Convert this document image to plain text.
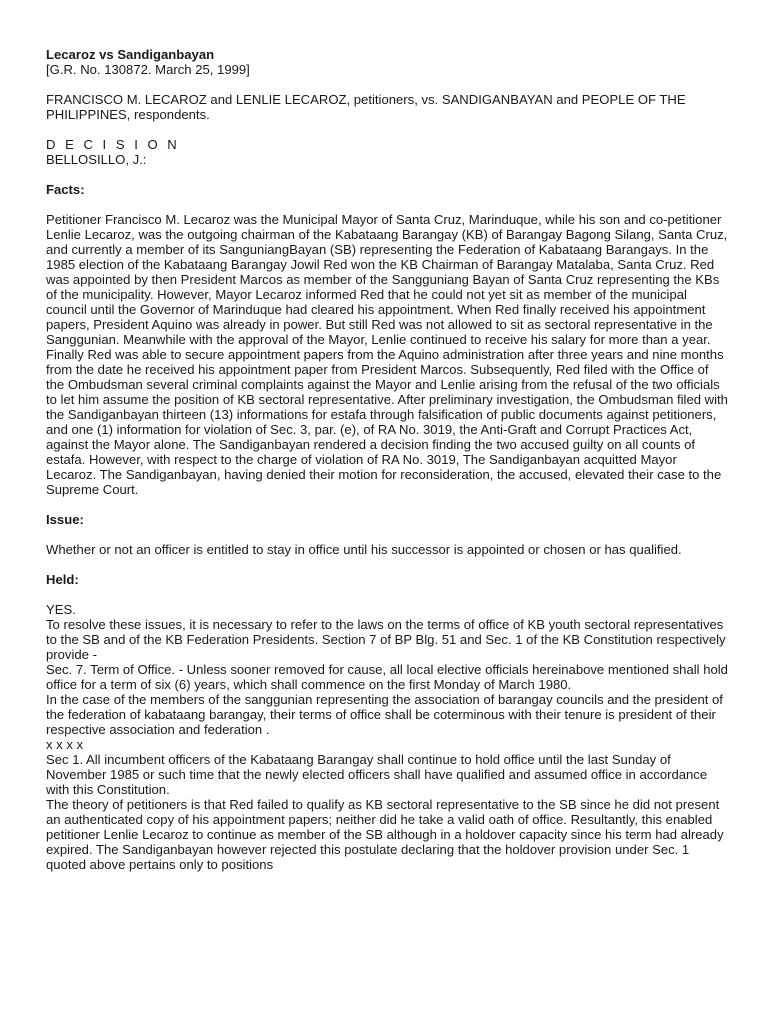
Lecaroz vs Sandiganbayan

[G.R. No. 130872. March 25, 1999]

FRANCISCO M. LECAROZ and LENLIE LECAROZ, petitioners, vs. SANDIGANBAYAN and PEOPLE OF THE PHILIPPINES, respondents.

D E C I S I O N

BELLOSILLO, J.:

Facts:

Petitioner Francisco M. Lecaroz was the Municipal Mayor of Santa Cruz, Marinduque, while his son and co-petitioner Lenlie Lecaroz, was the outgoing chairman of the Kabataang Barangay (KB) of Barangay Bagong Silang, Santa Cruz, and currently a member of its SanguniangBayan (SB) representing the Federation of Kabataang Barangays. In the 1985 election of the Kabataang Barangay Jowil Red won the KB Chairman of Barangay Matalaba, Santa Cruz. Red was appointed by then President Marcos as member of the Sangguniang Bayan of Santa Cruz representing the KBs of the municipality. However, Mayor Lecaroz informed Red that he could not yet sit as member of the municipal council until the Governor of Marinduque had cleared his appointment. When Red finally received his appointment papers, President Aquino was already in power. But still Red was not allowed to sit as sectoral representative in the Sanggunian. Meanwhile with the approval of the Mayor, Lenlie continued to receive his salary for more than a year. Finally Red was able to secure appointment papers from the Aquino administration after three years and nine months from the date he received his appointment paper from President Marcos. Subsequently, Red filed with the Office of the Ombudsman several criminal complaints against the Mayor and Lenlie arising from the refusal of the two officials to let him assume the position of KB sectoral representative. After preliminary investigation, the Ombudsman filed with the Sandiganbayan thirteen (13) informations for estafa through falsification of public documents against petitioners, and one (1) information for violation of Sec. 3, par. (e), of RA No. 3019, the Anti-Graft and Corrupt Practices Act, against the Mayor alone. The Sandiganbayan rendered a decision finding the two accused guilty on all counts of estafa. However, with respect to the charge of violation of RA No. 3019, The Sandiganbayan acquitted Mayor Lecaroz. The Sandiganbayan, having denied their motion for reconsideration, the accused, elevated their case to the Supreme Court.

Issue:

Whether or not an officer is entitled to stay in office until his successor is appointed or chosen or has qualified.

Held:

YES.

To resolve these issues, it is necessary to refer to the laws on the terms of office of KB youth sectoral representatives to the SB and of the KB Federation Presidents. Section 7 of BP Blg. 51 and Sec. 1 of the KB Constitution respectively provide -

Sec. 7. Term of Office. - Unless sooner removed for cause, all local elective officials hereinabove mentioned shall hold office for a term of six (6) years, which shall commence on the first Monday of March 1980.

In the case of the members of the sanggunian representing the association of barangay councils and the president of the federation of kabataang barangay, their terms of office shall be coterminous with their tenure is president of their respective association and federation .

x x x x

Sec 1. All incumbent officers of the Kabataang Barangay shall continue to hold office until the last Sunday of November 1985 or such time that the newly elected officers shall have qualified and assumed office in accordance with this Constitution.

The theory of petitioners is that Red failed to qualify as KB sectoral representative to the SB since he did not present an authenticated copy of his appointment papers; neither did he take a valid oath of office. Resultantly, this enabled petitioner Lenlie Lecaroz to continue as member of the SB although in a holdover capacity since his term had already expired. The Sandiganbayan however rejected this postulate declaring that the holdover provision under Sec. 1 quoted above pertains only to positions
